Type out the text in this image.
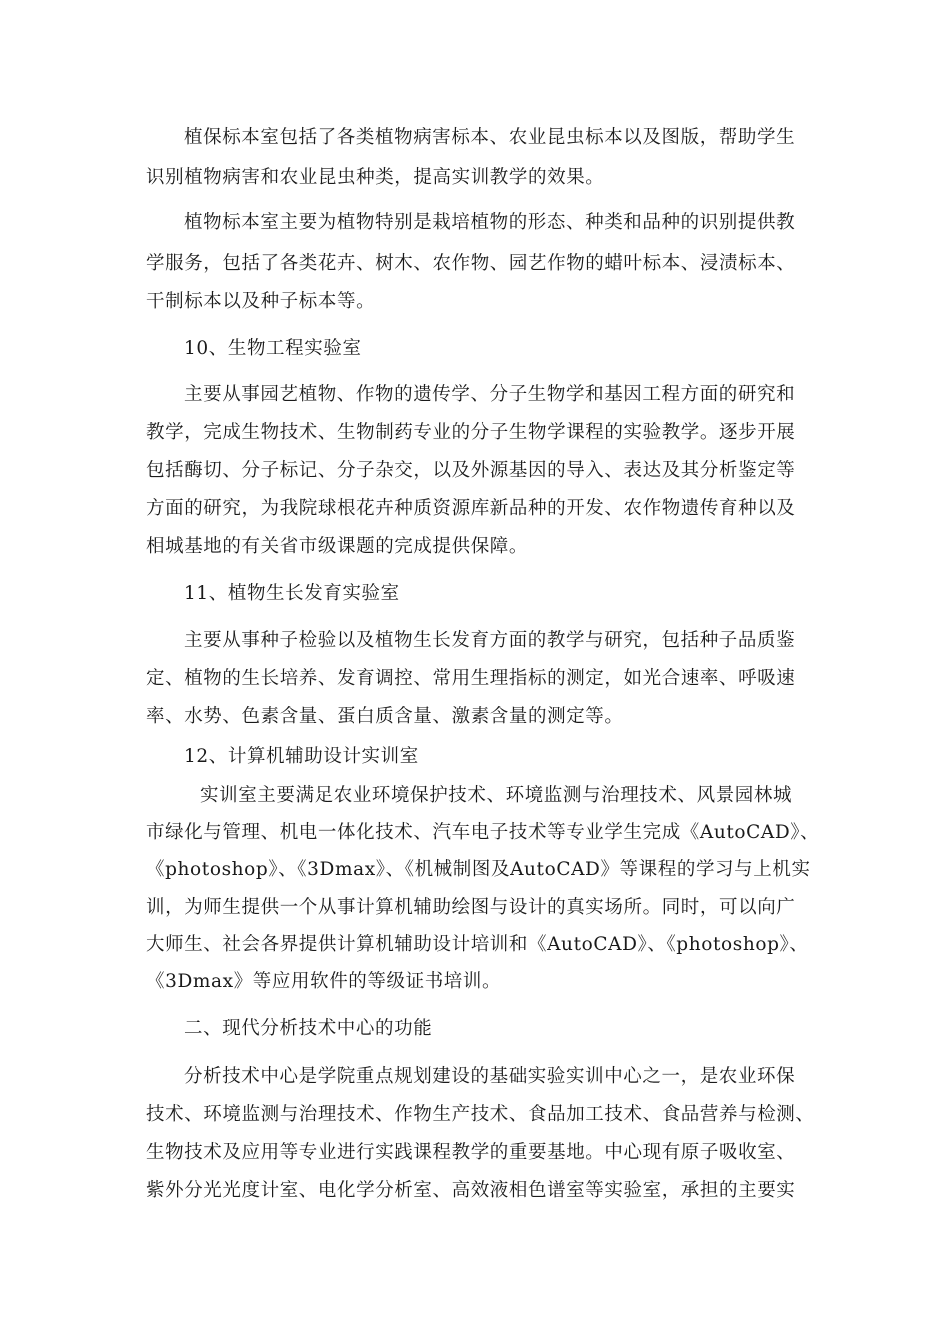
植保标本室包括了各类植物病害标本、农业昆虫标本以及图版，帮助学生
识别植物病害和农业昆虫种类，提高实训教学的效果。
植物标本室主要为植物特别是栽培植物的形态、种类和品种的识别提供教
学服务，包括了各类花卉、树木、农作物、园艺作物的蜡叶标本、浸渍标本、
干制标本以及种子标本等。
10、生物工程实验室
主要从事园艺植物、作物的遗传学、分子生物学和基因工程方面的研究和
教学，完成生物技术、生物制药专业的分子生物学课程的实验教学。逐步开展
包括酶切、分子标记、分子杂交，以及外源基因的导入、表达及其分析鉴定等
方面的研究，为我院球根花卉种质资源库新品种的开发、农作物遗传育种以及
相城基地的有关省市级课题的完成提供保障。
11、植物生长发育实验室
主要从事种子检验以及植物生长发育方面的教学与研究，包括种子品质鉴
定、植物的生长培养、发育调控、常用生理指标的测定，如光合速率、呼吸速
率、水势、色素含量、蛋白质含量、激素含量的测定等。
12、计算机辅助设计实训室
实训室主要满足农业环境保护技术、环境监测与治理技术、风景园林城
市绿化与管理、机电一体化技术、汽车电子技术等专业学生完成《AutoCAD》、
《photoshop》、《3Dmax》、《机械制图及AutoCAD》等课程的学习与上机实
训，为师生提供一个从事计算机辅助绘图与设计的真实场所。同时，可以向广
大师生、社会各界提供计算机辅助设计培训和《AutoCAD》、《photoshop》、
《3Dmax》等应用软件的等级证书培训。
二、现代分析技术中心的功能
分析技术中心是学院重点规划建设的基础实验实训中心之一，是农业环保
技术、环境监测与治理技术、作物生产技术、食品加工技术、食品营养与检测、
生物技术及应用等专业进行实践课程教学的重要基地。中心现有原子吸收室、
紫外分光光度计室、电化学分析室、高效液相色谱室等实验室，承担的主要实
